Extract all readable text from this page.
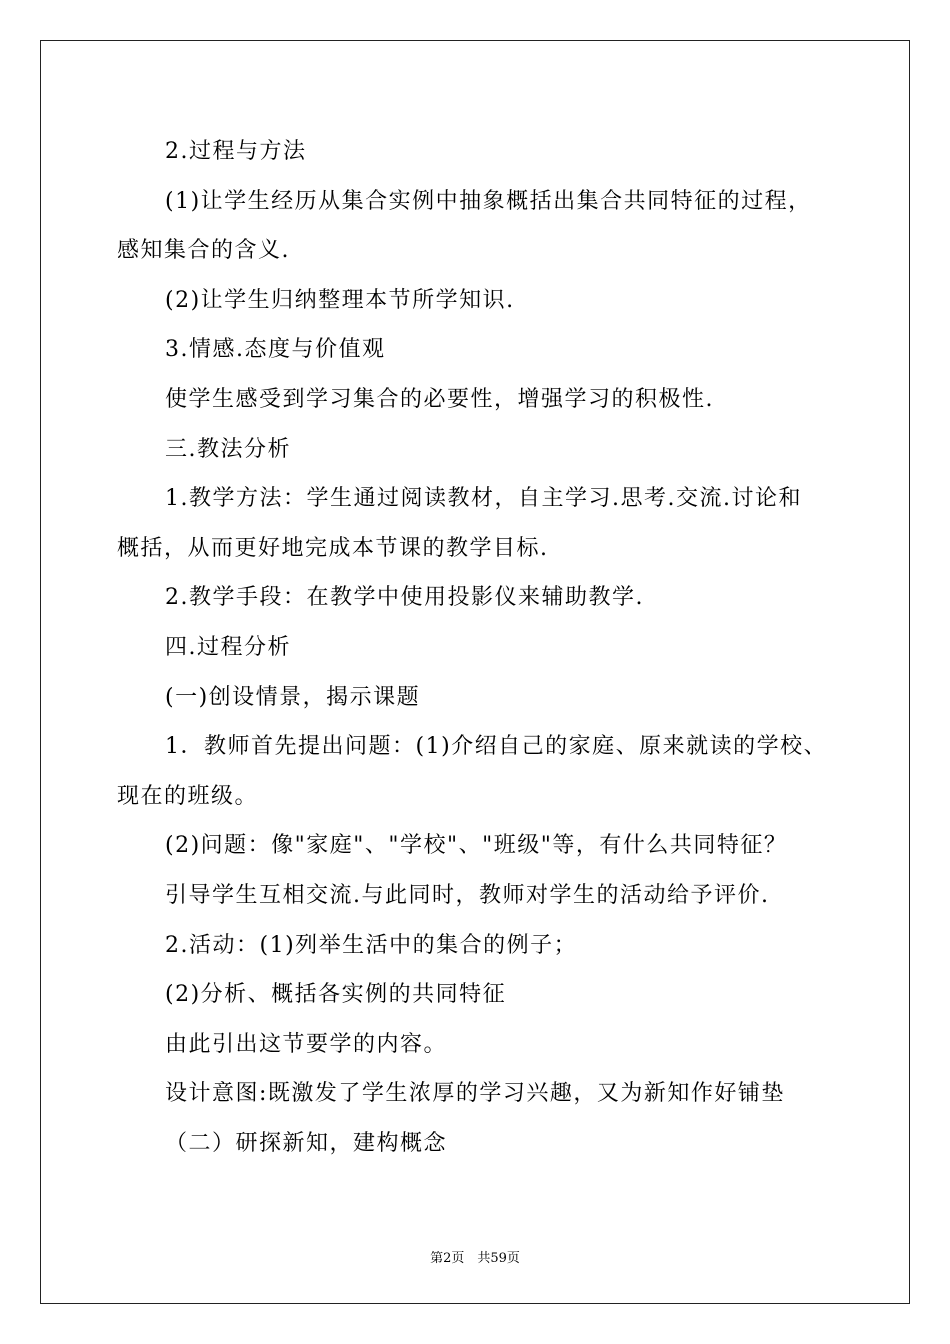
2.过程与方法
(1)让学生经历从集合实例中抽象概括出集合共同特征的过程，
感知集合的含义.
(2)让学生归纳整理本节所学知识.
3.情感.态度与价值观
使学生感受到学习集合的必要性，增强学习的积极性.
三.教法分析
1.教学方法：学生通过阅读教材，自主学习.思考.交流.讨论和
概括，从而更好地完成本节课的教学目标.
2.教学手段：在教学中使用投影仪来辅助教学.
四.过程分析
(一)创设情景，揭示课题
1．教师首先提出问题：(1)介绍自己的家庭、原来就读的学校、
现在的班级。
(2)问题：像"家庭"、"学校"、"班级"等，有什么共同特征？
引导学生互相交流.与此同时，教师对学生的活动给予评价.
2.活动：(1)列举生活中的集合的例子；
(2)分析、概括各实例的共同特征
由此引出这节要学的内容。
设计意图:既激发了学生浓厚的学习兴趣，又为新知作好铺垫
（二）研探新知，建构概念
第2页　共59页
